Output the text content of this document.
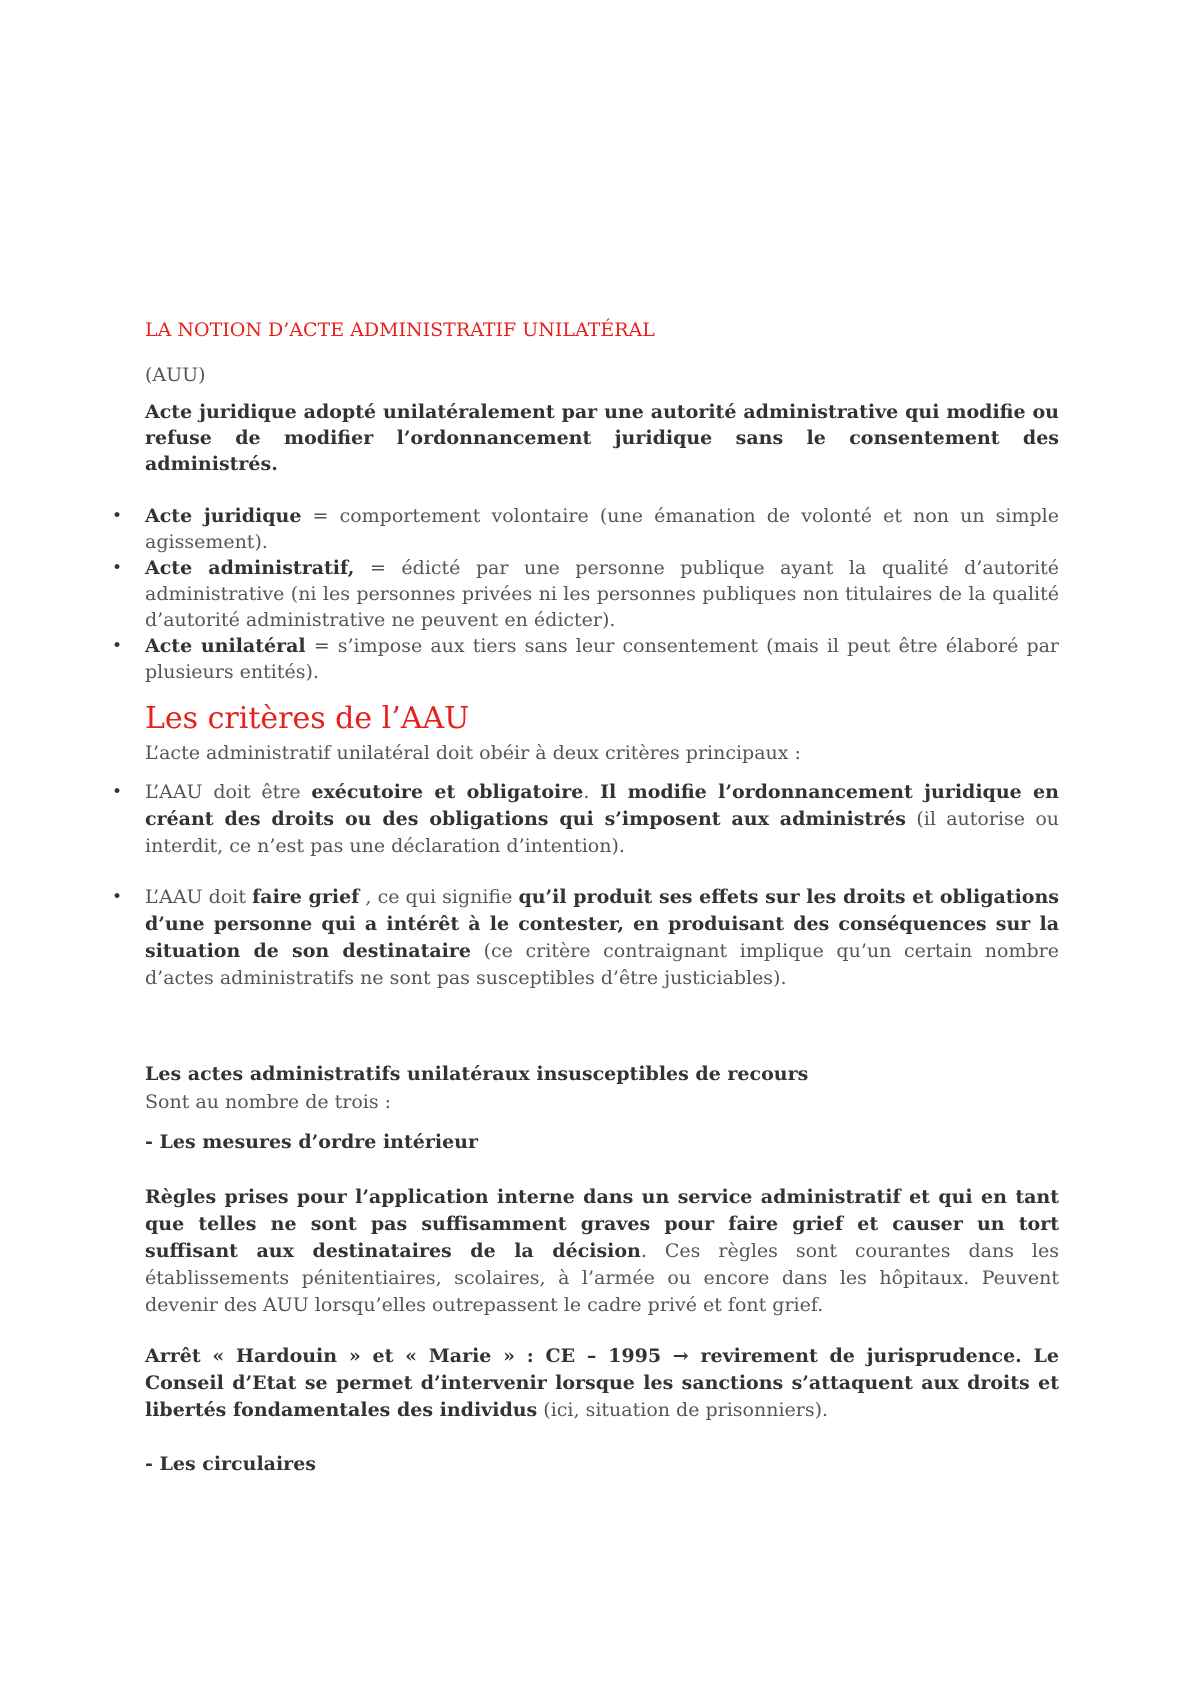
LA NOTION D’ACTE ADMINISTRATIF UNILATÉRAL

(AUU)

Acte juridique adopté unilatéralement par une autorité administrative qui modifie ou refuse de modifier l’ordonnancement juridique sans le consentement des administrés.

• Acte juridique = comportement volontaire (une émanation de volonté et non un simple agissement).
• Acte administratif, = édicté par une personne publique ayant la qualité d’autorité administrative (ni les personnes privées ni les personnes publiques non titulaires de la qualité d’autorité administrative ne peuvent en édicter).
• Acte unilatéral = s’impose aux tiers sans leur consentement (mais il peut être élaboré par plusieurs entités).
Les critères de l’AAU

L’acte administratif unilatéral doit obéir à deux critères principaux :

• L’AAU doit être exécutoire et obligatoire. Il modifie l’ordonnancement juridique en créant des droits ou des obligations qui s’imposent aux administrés (il autorise ou interdit, ce n’est pas une déclaration d’intention).
• L’AAU doit faire grief , ce qui signifie qu’il produit ses effets sur les droits et obligations d’une personne qui a intérêt à le contester, en produisant des conséquences sur la situation de son destinataire (ce critère contraignant implique qu’un certain nombre d’actes administratifs ne sont pas susceptibles d’être justiciables).

Les actes administratifs unilatéraux insusceptibles de recours

Sont au nombre de trois :

- Les mesures d’ordre intérieur

Règles prises pour l’application interne dans un service administratif et qui en tant que telles ne sont pas suffisamment graves pour faire grief et causer un tort suffisant aux destinataires de la décision. Ces règles sont courantes dans les établissements pénitentiaires, scolaires, à l’armée ou encore dans les hôpitaux. Peuvent devenir des AUU lorsqu’elles outrepassent le cadre privé et font grief.

Arrêt « Hardouin » et « Marie » : CE – 1995 → revirement de jurisprudence. Le Conseil d’Etat se permet d’intervenir lorsque les sanctions s’attaquent aux droits et libertés fondamentales des individus (ici, situation de prisonniers).

- Les circulaires
